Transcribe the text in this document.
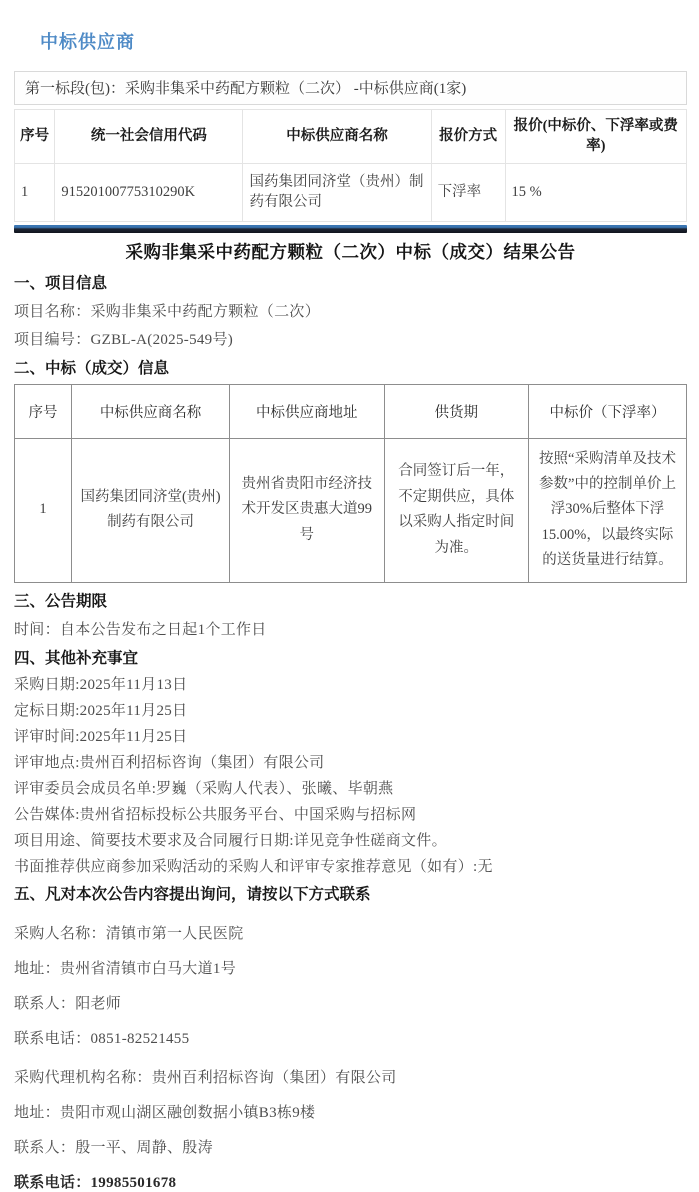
中标供应商
第一标段(包)：采购非集采中药配方颗粒（二次） -中标供应商(1家)
序号	统一社会信用代码	中标供应商名称	报价方式	报价(中标价、下浮率或费率)
1	91520100775310290K	国药集团同济堂（贵州）制药有限公司	下浮率	15 %
采购非集采中药配方颗粒（二次）中标（成交）结果公告
一、项目信息
项目名称：采购非集采中药配方颗粒（二次）
项目编号：GZBL-A(2025-549号)
二、中标（成交）信息
序号	中标供应商名称	中标供应商地址	供货期	中标价（下浮率）
1	国药集团同济堂(贵州)制药有限公司	贵州省贵阳市经济技术开发区贵惠大道99号	合同签订后一年，不定期供应，具体以采购人指定时间为准。	按照“采购清单及技术参数”中的控制单价上浮30%后整体下浮15.00%，以最终实际的送货量进行结算。
三、公告期限
时间：自本公告发布之日起1个工作日
四、其他补充事宜
采购日期:2025年11月13日
定标日期:2025年11月25日
评审时间:2025年11月25日
评审地点:贵州百利招标咨询（集团）有限公司
评审委员会成员名单:罗巍（采购人代表）、张曦、毕朝燕
公告媒体:贵州省招标投标公共服务平台、中国采购与招标网
项目用途、简要技术要求及合同履行日期:详见竞争性磋商文件。
书面推荐供应商参加采购活动的采购人和评审专家推荐意见（如有）:无
五、凡对本次公告内容提出询问，请按以下方式联系
采购人名称：清镇市第一人民医院
地址：贵州省清镇市白马大道1号
联系人：阳老师
联系电话：0851-82521455
采购代理机构名称：贵州百利招标咨询（集团）有限公司
地址：贵阳市观山湖区融创数据小镇B3栋9楼
联系人：殷一平、周静、殷涛
联系电话：19985501678
